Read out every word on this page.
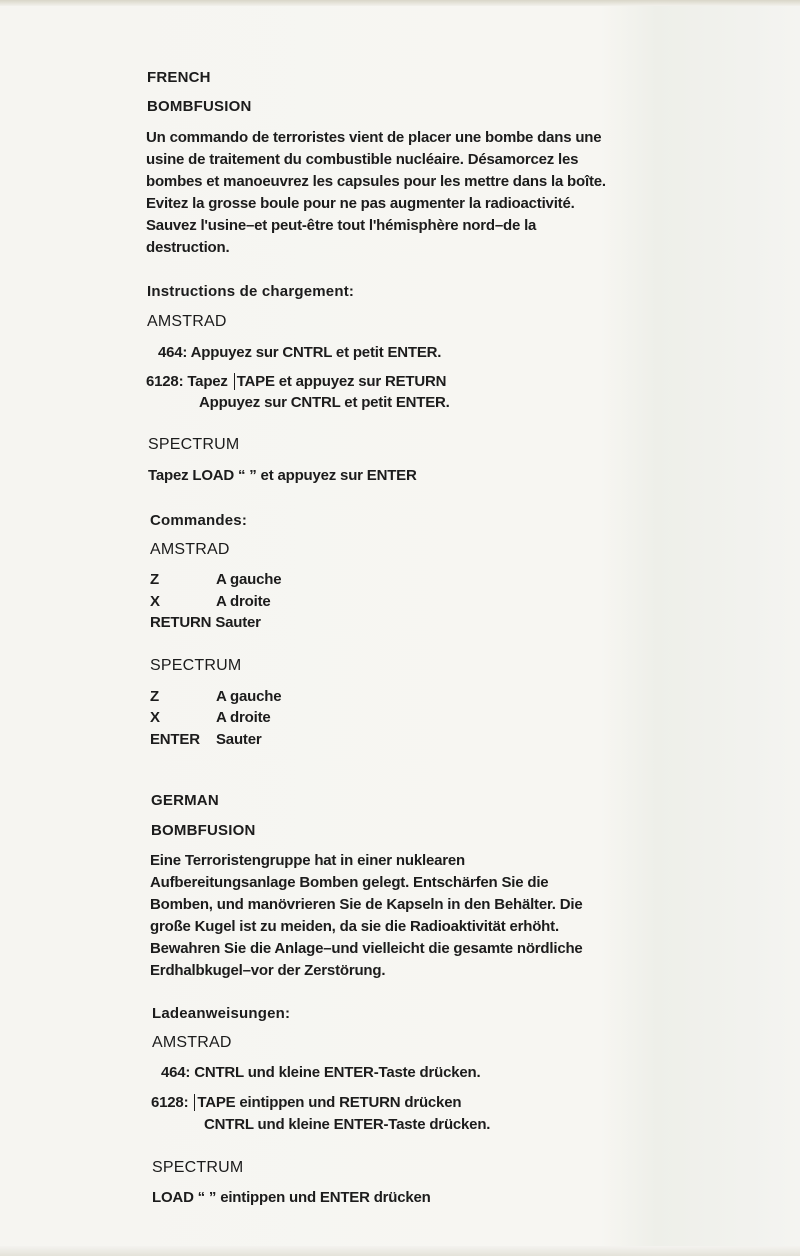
FRENCH

BOMBFUSION

Un commando de terroristes vient de placer une bombe dans une

usine de traitement du combustible nucléaire. Désamorcez les

bombes et manoeuvrez les capsules pour les mettre dans la boîte.

Evitez la grosse boule pour ne pas augmenter la radioactivité.

Sauvez l'usine–et peut-être tout l'hémisphère nord–de la

destruction.

Instructions de chargement:

AMSTRAD

464: Appuyez sur CNTRL et petit ENTER.

6128: Tapez TAPE et appuyez sur RETURN

Appuyez sur CNTRL et petit ENTER.

SPECTRUM

Tapez LOAD “ ” et appuyez sur ENTER

Commandes:

AMSTRAD

Z	A gauche

X	A droite

RETURN Sauter

SPECTRUM

Z	A gauche

X	A droite

ENTER Sauter

GERMAN

BOMBFUSION

Eine Terroristengruppe hat in einer nuklearen

Aufbereitungsanlage Bomben gelegt. Entschärfen Sie die

Bomben, und manövrieren Sie de Kapseln in den Behälter. Die

große Kugel ist zu meiden, da sie die Radioaktivität erhöht.

Bewahren Sie die Anlage–und vielleicht die gesamte nördliche

Erdhalbkugel–vor der Zerstörung.

Ladeanweisungen:

AMSTRAD

464: CNTRL und kleine ENTER-Taste drücken.

6128: TAPE eintippen und RETURN drücken

CNTRL und kleine ENTER-Taste drücken.

SPECTRUM

LOAD “ ” eintippen und ENTER drücken
